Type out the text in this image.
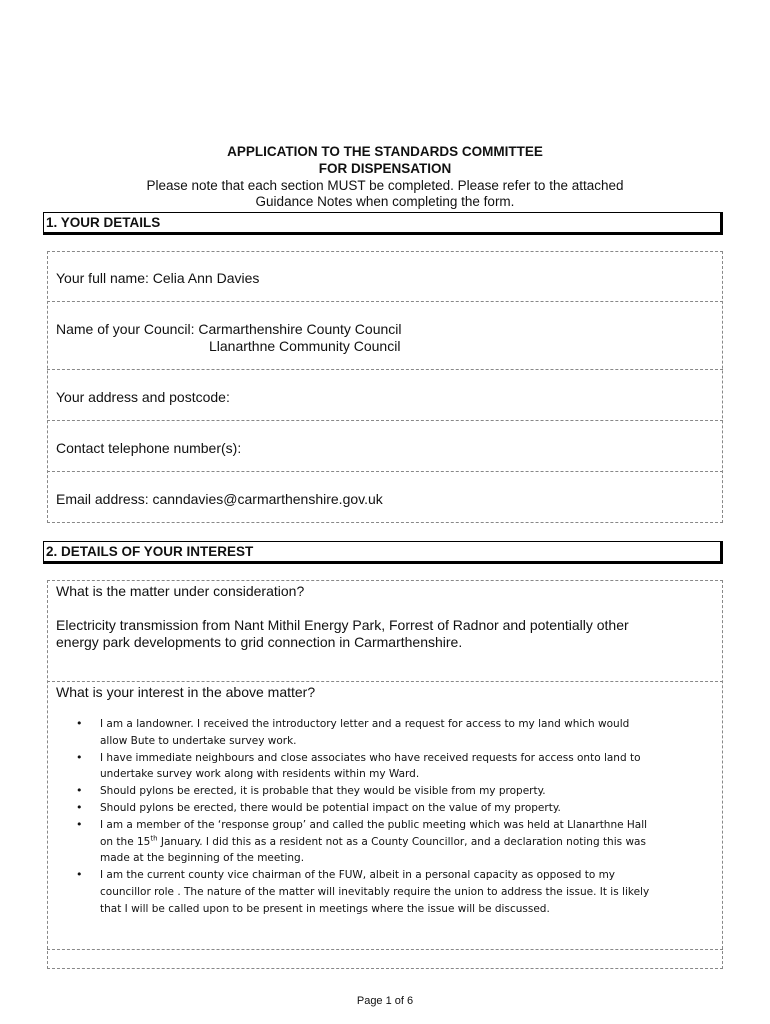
APPLICATION TO THE STANDARDS COMMITTEE
FOR DISPENSATION
Please note that each section MUST be completed. Please refer to the attached
Guidance Notes when completing the form.
1. YOUR DETAILS
Your full name: Celia Ann Davies
Name of your Council: Carmarthenshire County Council
Llanarthne Community Council
Your address and postcode:
Contact telephone number(s):
Email address: canndavies@carmarthenshire.gov.uk
2. DETAILS OF YOUR INTEREST
What is the matter under consideration?
Electricity transmission from Nant Mithil Energy Park, Forrest of Radnor and potentially other
energy park developments to grid connection in Carmarthenshire.
What is your interest in the above matter?
• I am a landowner. I received the introductory letter and a request for access to my land which would
allow Bute to undertake survey work.
• I have immediate neighbours and close associates who have received requests for access onto land to
undertake survey work along with residents within my Ward.
• Should pylons be erected, it is probable that they would be visible from my property.
• Should pylons be erected, there would be potential impact on the value of my property.
• I am a member of the ‘response group’ and called the public meeting which was held at Llanarthne Hall
on the 15th January. I did this as a resident not as a County Councillor, and a declaration noting this was
made at the beginning of the meeting.
• I am the current county vice chairman of the FUW, albeit in a personal capacity as opposed to my
councillor role . The nature of the matter will inevitably require the union to address the issue. It is likely
that I will be called upon to be present in meetings where the issue will be discussed.
Page 1 of 6
